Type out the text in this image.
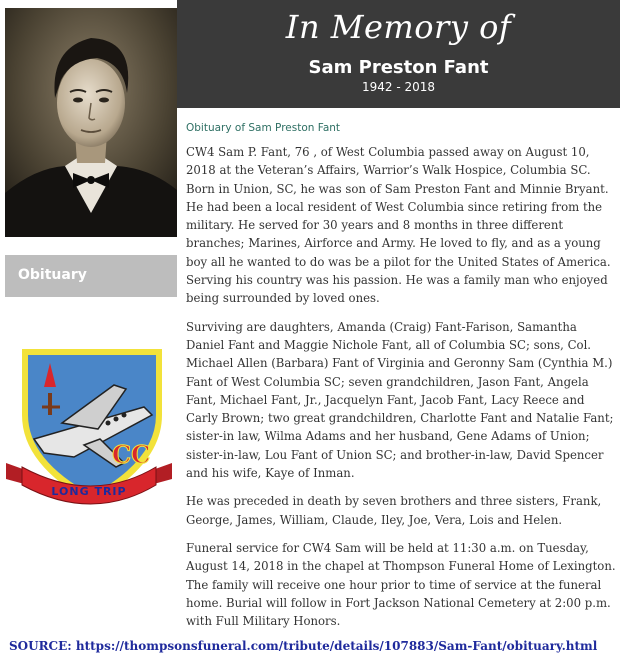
In Memory of
Sam Preston Fant
1942 - 2018
Obituary
CC
LONG TRIP
Obituary of Sam Preston Fant

CW4 Sam P. Fant, 76 , of West Columbia passed away on August 10, 2018 at the Veteran’s Affairs, Warrior’s Walk Hospice, Columbia SC. Born in Union, SC, he was son of Sam Preston Fant and Minnie Bryant. He had been a local resident of West Columbia since retiring from the military. He served for 30 years and 8 months in three different branches; Marines, Airforce and Army. He loved to fly, and as a young boy all he wanted to do was be a pilot for the United States of America. Serving his country was his passion. He was a family man who enjoyed being surrounded by loved ones.

Surviving are daughters, Amanda (Craig) Fant-Farison, Samantha Daniel Fant and Maggie Nichole Fant, all of Columbia SC; sons, Col. Michael Allen (Barbara) Fant of Virginia and Geronny Sam (Cynthia M.) Fant of West Columbia SC; seven grandchildren, Jason Fant, Angela Fant, Michael Fant, Jr., Jacquelyn Fant, Jacob Fant, Lacy Reece and Carly Brown; two great grandchildren, Charlotte Fant and Natalie Fant; sister-in law, Wilma Adams and her husband, Gene Adams of Union; sister-in-law, Lou Fant of Union SC; and brother-in-law, David Spencer and his wife, Kaye of Inman.

He was preceded in death by seven brothers and three sisters, Frank, George, James, William, Claude, Iley, Joe, Vera, Lois and Helen.

Funeral service for CW4 Sam will be held at 11:30 a.m. on Tuesday, August 14, 2018 in the chapel at Thompson Funeral Home of Lexington. The family will receive one hour prior to time of service at the funeral home. Burial will follow in Fort Jackson National Cemetery at 2:00 p.m. with Full Military Honors.

SOURCE: https://thompsonsfuneral.com/tribute/details/107883/Sam-Fant/obituary.html
